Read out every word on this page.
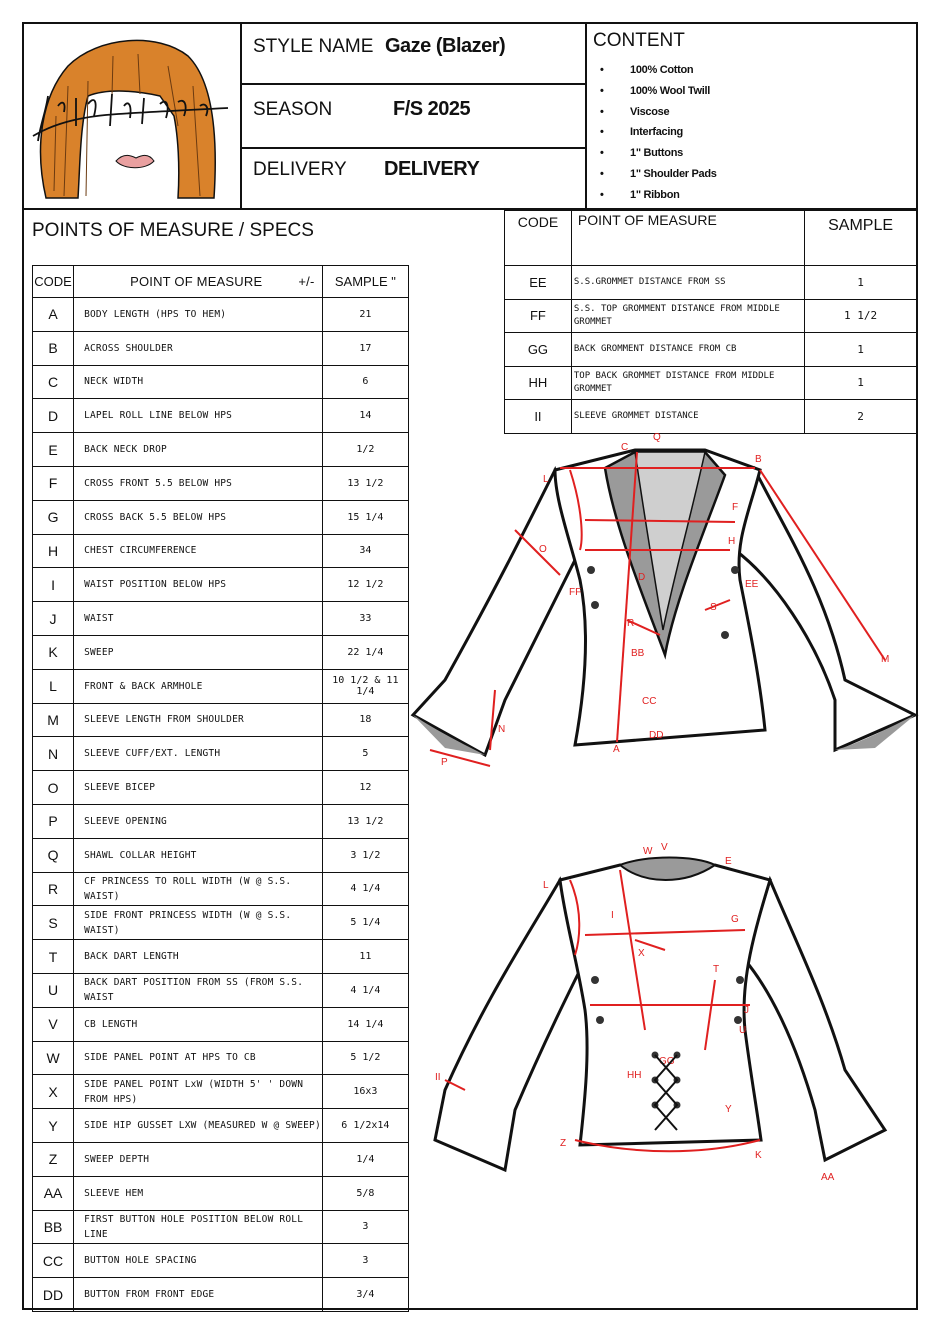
STYLE NAME Gaze (Blazer)
SEASON	F/S 2025
DELIVERY DELIVERY
CONTENT
• 100% Cotton
• 100% Wool Twill
• Viscose
• Interfacing
• 1" Buttons
• 1" Shoulder Pads
• 1" Ribbon
POINTS OF MEASURE / SPECS
CODE	POINT OF MEASURE +/-	SAMPLE "
A	BODY LENGTH (HPS TO HEM)	21
B	ACROSS SHOULDER	17
C	NECK WIDTH	6
D	LAPEL ROLL LINE BELOW HPS	14
E	BACK NECK DROP	1/2
F	CROSS FRONT 5.5 BELOW HPS	13 1/2
G	CROSS BACK 5.5 BELOW HPS	15 1/4
H	CHEST CIRCUMFERENCE	34
I	WAIST POSITION BELOW HPS	12 1/2
J	WAIST	33
K	SWEEP	22 1/4
L	FRONT & BACK ARMHOLE	10 1/2 & 11 1/4
M	SLEEVE LENGTH FROM SHOULDER	18
N	SLEEVE CUFF/EXT. LENGTH	5
O	SLEEVE BICEP	12
P	SLEEVE OPENING	13 1/2
Q	SHAWL COLLAR HEIGHT	3 1/2
R	CF PRINCESS TO ROLL WIDTH (W @ S.S. WAIST)	4 1/4
S	SIDE FRONT PRINCESS WIDTH (W @ S.S. WAIST)	5 1/4
T	BACK DART LENGTH	11
U	BACK DART POSITION FROM SS (FROM S.S. WAIST	4 1/4
V	CB LENGTH	14 1/4
W	SIDE PANEL POINT AT HPS TO CB	5 1/2
X	SIDE PANEL POINT LxW (WIDTH 5' ' DOWN FROM HPS)	16x3
Y	SIDE HIP GUSSET LXW (MEASURED W @ SWEEP)	6 1/2x14
Z	SWEEP DEPTH	1/4
AA	SLEEVE HEM	5/8
BB	FIRST BUTTON HOLE POSITION BELOW ROLL LINE	3
CC	BUTTON HOLE SPACING	3
DD	BUTTON FROM FRONT EDGE	3/4
CODE	POINT OF MEASURE	SAMPLE
EE	S.S.GROMMET DISTANCE FROM SS	1
FF	S.S. TOP GROMMENT DISTANCE FROM MIDDLE GROMMET	1 1/2
GG	BACK GROMMENT DISTANCE FROM CB	1
HH	TOP BACK GROMMET DISTANCE FROM MIDDLE GROMMET	1
II	SLEEVE GROMMET DISTANCE	2
Q
C
B
L
F
H
O
D
EE
FF
S
R
M
BB
CC
DD
N
A
P
W V
E
L
I	G
X
T
J
U
HH
GG
II
Y
Z
K
AA
